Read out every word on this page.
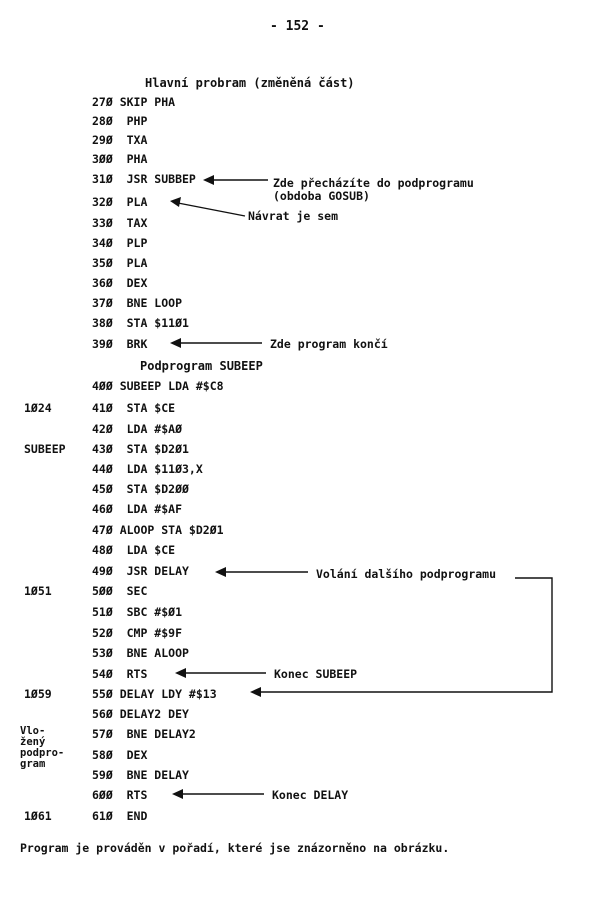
- 152 -
Hlavní probram (změněná část)
27Ø SKIP PHA
28Ø  PHP
29Ø  TXA
3ØØ  PHA
31Ø  JSR SUBBEP
32Ø  PLA
33Ø  TAX
34Ø  PLP
35Ø  PLA
36Ø  DEX
37Ø  BNE LOOP
38Ø  STA $11Ø1
39Ø  BRK
Podprogram SUBEEP
4ØØ SUBEEP LDA #$C8
41Ø  STA $CE
42Ø  LDA #$AØ
43Ø  STA $D2Ø1
44Ø  LDA $11Ø3,X
45Ø  STA $D2ØØ
46Ø  LDA #$AF
47Ø ALOOP STA $D2Ø1
48Ø  LDA $CE
49Ø  JSR DELAY
5ØØ  SEC
51Ø  SBC #$Ø1
52Ø  CMP #$9F
53Ø  BNE ALOOP
54Ø  RTS
55Ø DELAY LDY #$13
56Ø DELAY2 DEY
57Ø  BNE DELAY2
58Ø  DEX
59Ø  BNE DELAY
6ØØ  RTS
61Ø  END
1Ø24
SUBEEP
1Ø51
1Ø59
Vlo-
žený
podpro-
gram
1Ø61
Zde přecházíte do podprogramu
(obdoba GOSUB)
Návrat je sem
Zde program končí
Volání dalšího podprogramu
Konec SUBEEP
Konec DELAY
Program je prováděn v pořadí, které jse znázorněno na obrázku.
